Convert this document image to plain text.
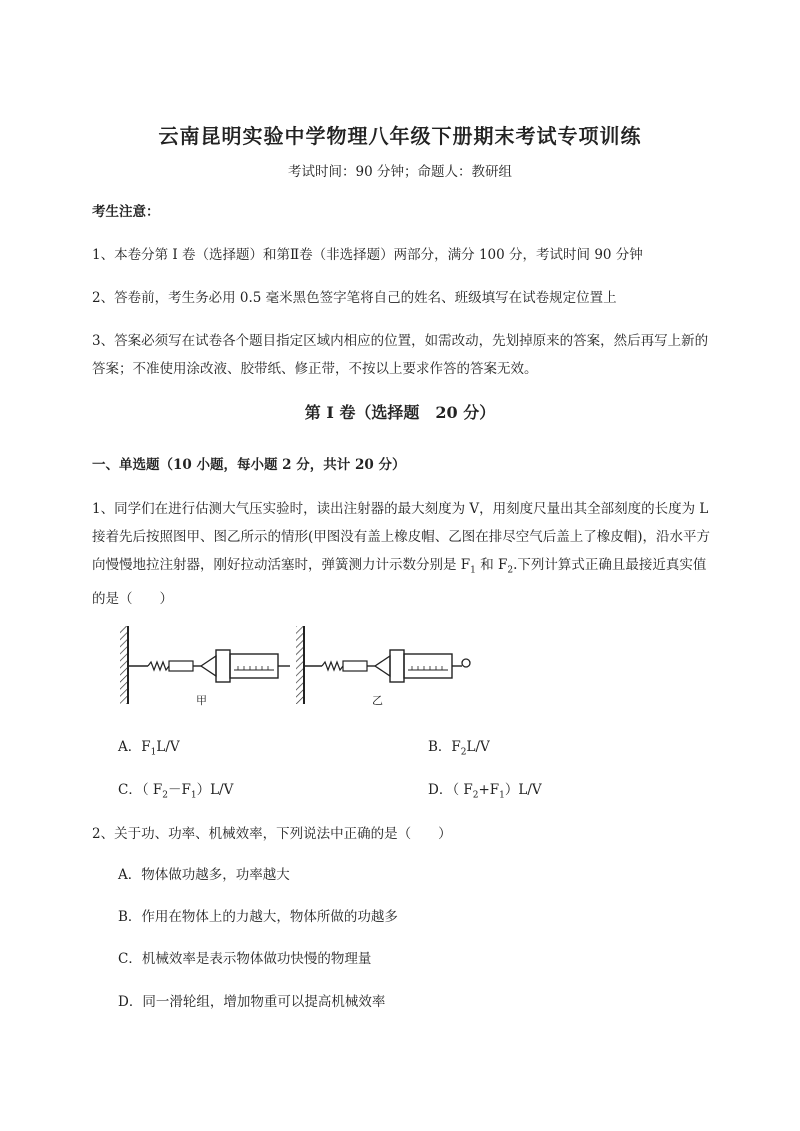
云南昆明实验中学物理八年级下册期末考试专项训练
考试时间：90 分钟；命题人：教研组
考生注意：
1、本卷分第 I 卷（选择题）和第Ⅱ卷（非选择题）两部分，满分 100 分，考试时间 90 分钟
2、答卷前，考生务必用 0.5 毫米黑色签字笔将自己的姓名、班级填写在试卷规定位置上
3、答案必须写在试卷各个题目指定区域内相应的位置，如需改动，先划掉原来的答案，然后再写上新的答案；不准使用涂改液、胶带纸、修正带，不按以上要求作答的答案无效。
第 I 卷（选择题　20 分）
一、单选题（10 小题，每小题 2 分，共计 20 分）
1、同学们在进行估测大气压实验时，读出注射器的最大刻度为 V，用刻度尺量出其全部刻度的长度为 L 接着先后按照图甲、图乙所示的情形(甲图没有盖上橡皮帽、乙图在排尽空气后盖上了橡皮帽)，沿水平方向慢慢地拉注射器，刚好拉动活塞时，弹簧测力计示数分别是 $F_1$ 和 $F_2$.下列计算式正确且最接近真实值的是（　　）
甲	乙
A．$F_1L/V$	B．$F_2L/V$
C．（ $F_2-F_1)L/V$	D．（ $F_2+F_1)L/V$
2、关于功、功率、机械效率，下列说法中正确的是（　　）
A．物体做功越多，功率越大
B．作用在物体上的力越大，物体所做的功越多
C．机械效率是表示物体做功快慢的物理量
D．同一滑轮组，增加物重可以提高机械效率
